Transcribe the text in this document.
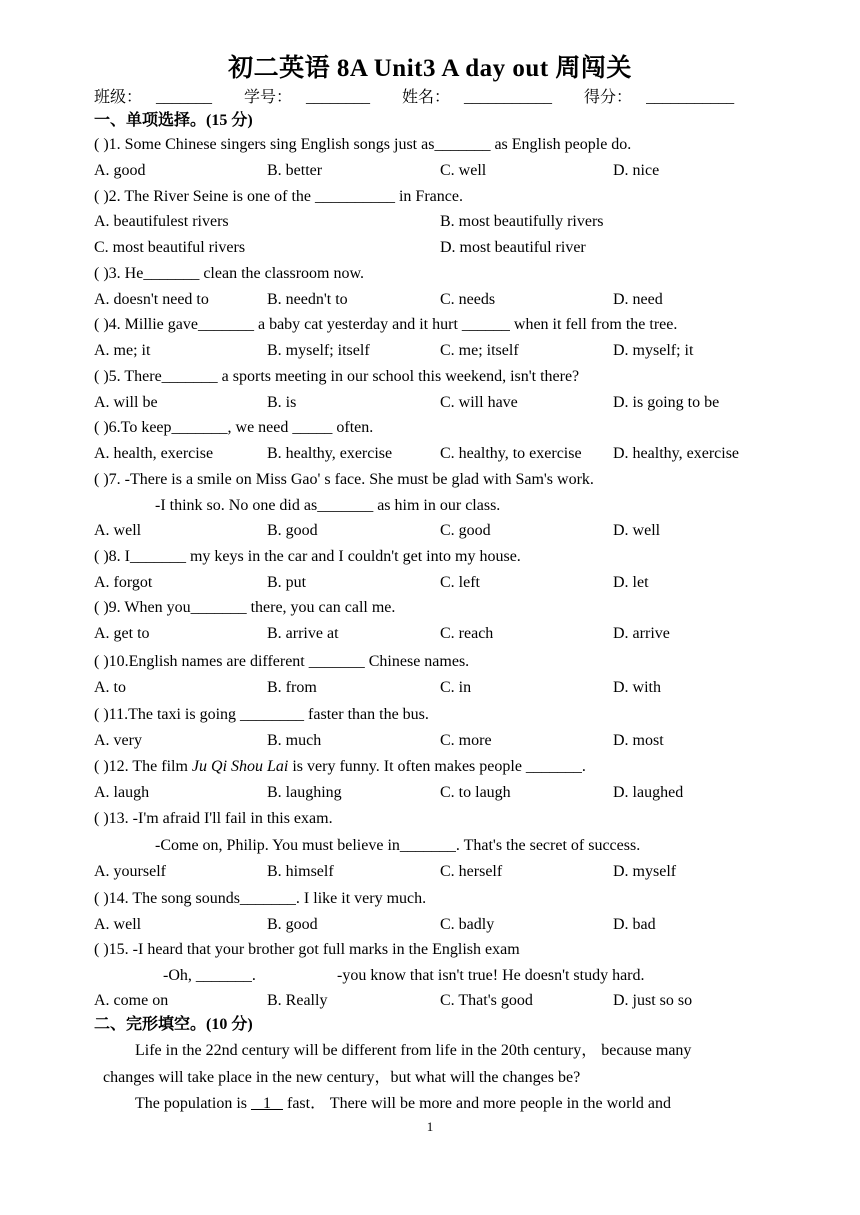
初二英语 8A Unit3 A day out 周闯关
班级： _______ 学号： ________ 姓名： ___________ 得分： ___________
一、单项选择。(15 分)
( )1. Some Chinese singers sing English songs just as_______ as English people do.
A. good	B. better	C. well	D. nice
( )2. The River Seine is one of the __________ in France.
A. beautifulest rivers	B. most beautifully rivers
C. most beautiful rivers	D. most beautiful river
( )3. He_______ clean the classroom now.
A. doesn't need to	B. needn't to	C. needs	D. need
( )4. Millie gave_______ a baby cat yesterday and it hurt ______ when it fell from the tree.
A. me; it	B. myself; itself	C. me; itself	D. myself; it
( )5. There_______ a sports meeting in our school this weekend, isn't there?
A. will be	B. is	C. will have	D. is going to be
( )6.To keep_______, we need _____ often.
A. health, exercise	B. healthy, exercise	C. healthy, to exercise D. healthy, exercise
( )7. -There is a smile on Miss Gao' s face. She must be glad with Sam's work.
-I think so. No one did as_______ as him in our class.
A. well	B. good	C. good	D. well
( )8. I_______ my keys in the car and I couldn't get into my house.
A. forgot	B. put	C. left	D. let
( )9. When you_______ there, you can call me.
A. get to	B. arrive at	C. reach	D. arrive
( )10.English names are different _______ Chinese names.
A. to	B. from	C. in	D. with
( )11.The taxi is going ________ faster than the bus.
A. very	B. much	C. more	D. most
( )12. The film Ju Qi Shou Lai is very funny. It often makes people _______.
A. laugh	B. laughing	C. to laugh	D. laughed
( )13. -I'm afraid I'll fail in this exam.
-Come on, Philip. You must believe in_______. That's the secret of success.
A. yourself	B. himself	C. herself	D. myself
( )14. The song sounds_______. I like it very much.
A. well	B. good	C. badly	D. bad
( )15. -I heard that your brother got full marks in the English exam
-Oh, _______.	-you know that isn't true! He doesn't study hard.
A. come on	B. Really	C. That's good	D. just so so
二、完形填空。(10 分)
Life in the 22nd century will be different from life in the 20th century， because many
changes will take place in the new century，but what will the changes be?
The population is    1    fast． There will be more and more people in the world and
1
